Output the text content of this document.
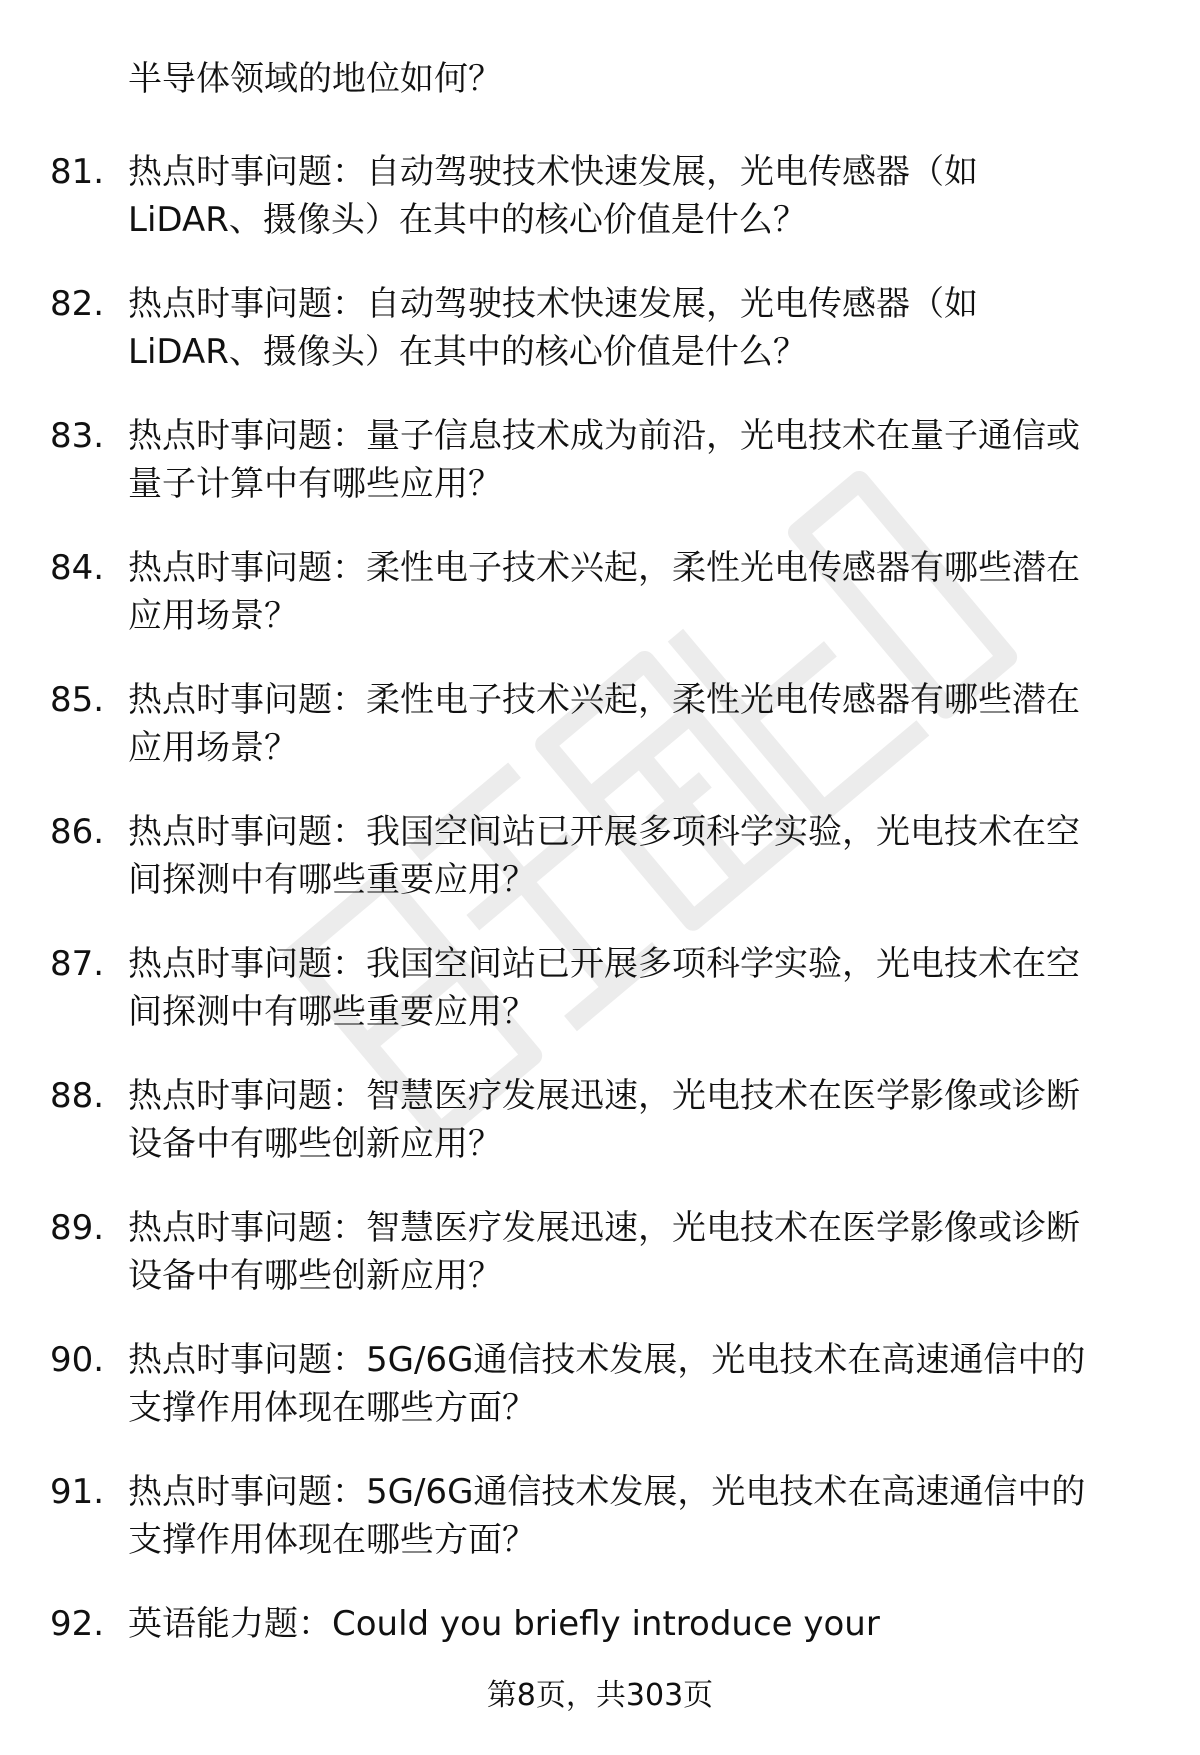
半导体领域的地位如何？
81. 热点时事问题：自动驾驶技术快速发展，光电传感器（如
LiDAR、摄像头）在其中的核心价值是什么？
82. 热点时事问题：自动驾驶技术快速发展，光电传感器（如
LiDAR、摄像头）在其中的核心价值是什么？
83. 热点时事问题：量子信息技术成为前沿，光电技术在量子通信或
量子计算中有哪些应用？
84. 热点时事问题：柔性电子技术兴起，柔性光电传感器有哪些潜在
应用场景？
85. 热点时事问题：柔性电子技术兴起，柔性光电传感器有哪些潜在
应用场景？
86. 热点时事问题：我国空间站已开展多项科学实验，光电技术在空
间探测中有哪些重要应用？
87. 热点时事问题：我国空间站已开展多项科学实验，光电技术在空
间探测中有哪些重要应用？
88. 热点时事问题：智慧医疗发展迅速，光电技术在医学影像或诊断
设备中有哪些创新应用？
89. 热点时事问题：智慧医疗发展迅速，光电技术在医学影像或诊断
设备中有哪些创新应用？
90. 热点时事问题：5G/6G通信技术发展，光电技术在高速通信中的
支撑作用体现在哪些方面？
91. 热点时事问题：5G/6G通信技术发展，光电技术在高速通信中的
支撑作用体现在哪些方面？
92. 英语能力题：Could you briefly introduce your
第8页，共303页
